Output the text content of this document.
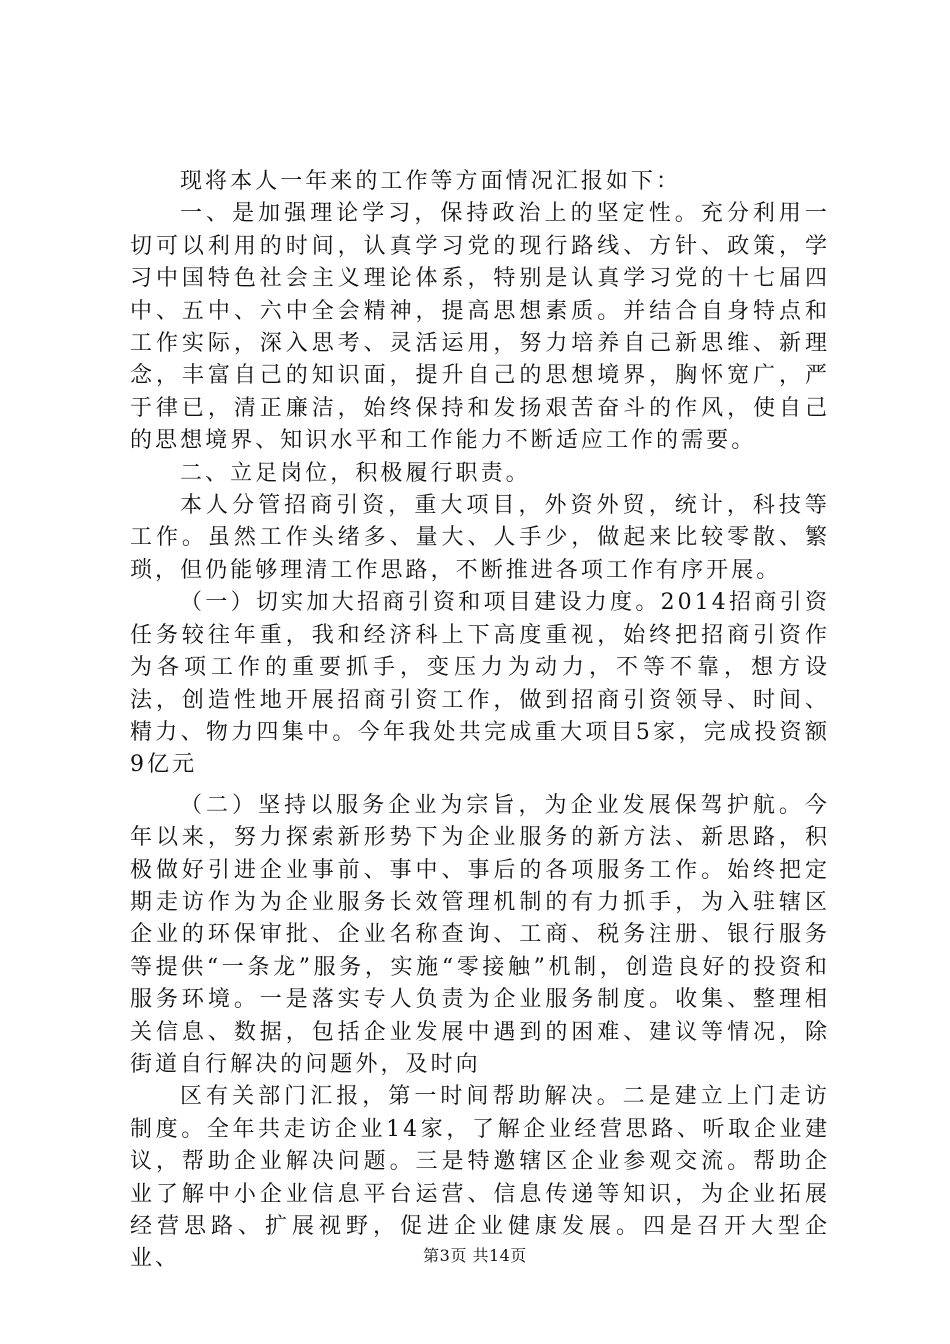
现将本人一年来的工作等方面情况汇报如下：

一、是加强理论学习，保持政治上的坚定性。充分利用一切可以利用的时间，认真学习党的现行路线、方针、政策，学习中国特色社会主义理论体系，特别是认真学习党的十七届四中、五中、六中全会精神，提高思想素质。并结合自身特点和工作实际，深入思考、灵活运用，努力培养自己新思维、新理念，丰富自己的知识面，提升自己的思想境界，胸怀宽广，严于律已，清正廉洁，始终保持和发扬艰苦奋斗的作风，使自己的思想境界、知识水平和工作能力不断适应工作的需要。

二、立足岗位，积极履行职责。

本人分管招商引资，重大项目，外资外贸，统计，科技等工作。虽然工作头绪多、量大、人手少，做起来比较零散、繁琐，但仍能够理清工作思路，不断推进各项工作有序开展。

（一）切实加大招商引资和项目建设力度。2014招商引资任务较往年重，我和经济科上下高度重视，始终把招商引资作为各项工作的重要抓手，变压力为动力，不等不靠，想方设法，创造性地开展招商引资工作，做到招商引资领导、时间、精力、物力四集中。今年我处共完成重大项目5家，完成投资额9亿元

（二）坚持以服务企业为宗旨，为企业发展保驾护航。今年以来，努力探索新形势下为企业服务的新方法、新思路，积极做好引进企业事前、事中、事后的各项服务工作。始终把定期走访作为为企业服务长效管理机制的有力抓手，为入驻辖区企业的环保审批、企业名称查询、工商、税务注册、银行服务等提供“一条龙”服务，实施“零接触”机制，创造良好的投资和服务环境。一是落实专人负责为企业服务制度。收集、整理相关信息、数据，包括企业发展中遇到的困难、建议等情况，除街道自行解决的问题外，及时向

区有关部门汇报，第一时间帮助解决。二是建立上门走访制度。全年共走访企业14家，了解企业经营思路、听取企业建议，帮助企业解决问题。三是特邀辖区企业参观交流。帮助企业了解中小企业信息平台运营、信息传递等知识，为企业拓展经营思路、扩展视野，促进企业健康发展。四是召开大型企业、	第3页 共14页
